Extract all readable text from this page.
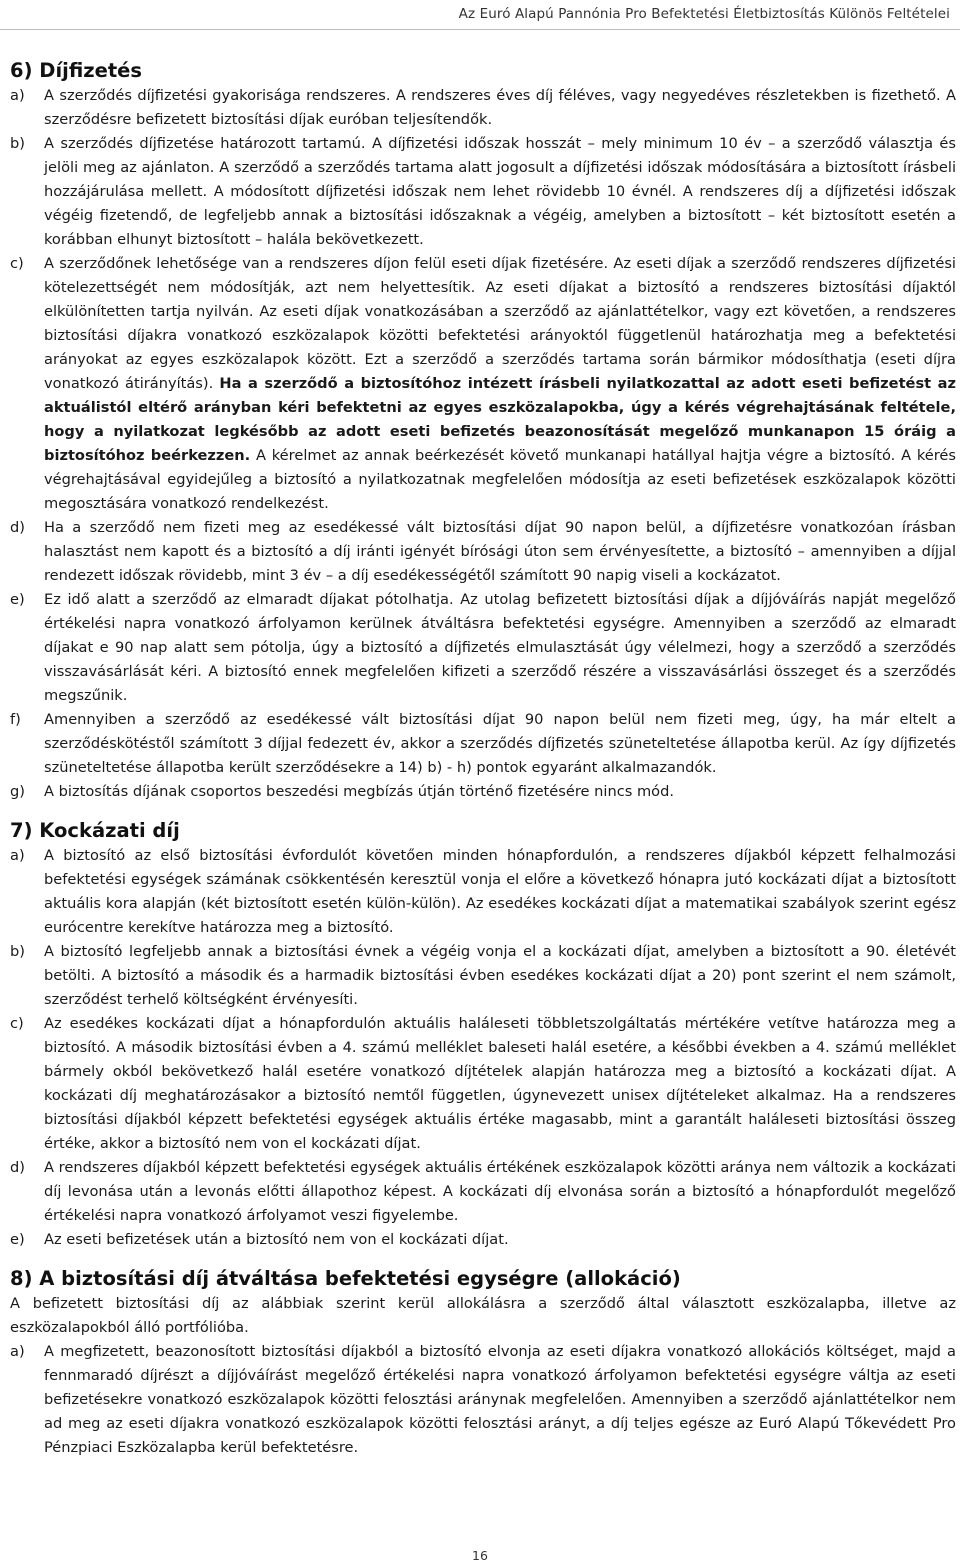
Az Euró Alapú Pannónia Pro Befektetési Életbiztosítás Különös Feltételei
6) Díjfizetés
a)	A szerződés díjfizetési gyakorisága rendszeres. A rendszeres éves díj féléves, vagy negyedéves részletekben is fizethető. A szerződésre befizetett biztosítási díjak euróban teljesítendők.
b)	A szerződés díjfizetése határozott tartamú. A díjfizetési időszak hosszát – mely minimum 10 év – a szerződő választja és jelöli meg az ajánlaton. A szerződő a szerződés tartama alatt jogosult a díjfizetési időszak módosítására a biztosított írásbeli hozzájárulása mellett. A módosított díjfizetési időszak nem lehet rövidebb 10 évnél. A rendszeres díj a díjfizetési időszak végéig fizetendő, de legfeljebb annak a biztosítási időszaknak a végéig, amelyben a biztosított – két biztosított esetén a korábban elhunyt biztosított – halála bekövetkezett.
c)	A szerződőnek lehetősége van a rendszeres díjon felül eseti díjak fizetésére. Az eseti díjak a szerződő rendszeres díjfizetési kötelezettségét nem módosítják, azt nem helyettesítik. Az eseti díjakat a biztosító a rendszeres biztosítási díjaktól elkülönítetten tartja nyilván. Az eseti díjak vonatkozásában a szerződő az ajánlattételkor, vagy ezt követően, a rendszeres biztosítási díjakra vonatkozó eszközalapok közötti befektetési arányoktól függetlenül határozhatja meg a befektetési arányokat az egyes eszközalapok között. Ezt a szerződő a szerződés tartama során bármikor módosíthatja (eseti díjra vonatkozó átirányítás). Ha a szerződő a biztosítóhoz intézett írásbeli nyilatkozattal az adott eseti befizetést az aktuálistól eltérő arányban kéri befektetni az egyes eszközalapokba, úgy a kérés végrehajtásának feltétele, hogy a nyilatkozat legkésőbb az adott eseti befizetés beazonosítását megelőző munkanapon 15 óráig a biztosítóhoz beérkezzen. A kérelmet az annak beérkezését követő munkanapi hatállyal hajtja végre a biztosító. A kérés végrehajtásával egyidejűleg a biztosító a nyilatkozatnak megfelelően módosítja az eseti befizetések eszközalapok közötti megosztására vonatkozó rendelkezést.
d)	Ha a szerződő nem fizeti meg az esedékessé vált biztosítási díjat 90 napon belül, a díjfizetésre vonatkozóan írásban halasztást nem kapott és a biztosító a díj iránti igényét bírósági úton sem érvényesítette, a biztosító – amennyiben a díjjal rendezett időszak rövidebb, mint 3 év – a díj esedékességétől számított 90 napig viseli a kockázatot.
e)	Ez idő alatt a szerződő az elmaradt díjakat pótolhatja. Az utolag befizetett biztosítási díjak a díjjóváírás napját megelőző értékelési napra vonatkozó árfolyamon kerülnek átváltásra befektetési egységre. Amennyiben a szerződő az elmaradt díjakat e 90 nap alatt sem pótolja, úgy a biztosító a díjfizetés elmulasztását úgy vélelmezi, hogy a szerződő a szerződés visszavásárlását kéri. A biztosító ennek megfelelően kifizeti a szerződő részére a visszavásárlási összeget és a szerződés megszűnik.
f)	Amennyiben a szerződő az esedékessé vált biztosítási díjat 90 napon belül nem fizeti meg, úgy, ha már eltelt a szerződéskötéstől számított 3 díjjal fedezett év, akkor a szerződés díjfizetés szüneteltetése állapotba kerül. Az így díjfizetés szüneteltetése állapotba került szerződésekre a 14) b) - h) pontok egyaránt alkalmazandók.
g)	A biztosítás díjának csoportos beszedési megbízás útján történő fizetésére nincs mód.
7) Kockázati díj
a)	A biztosító az első biztosítási évfordulót követően minden hónapfordulón, a rendszeres díjakból képzett felhalmozási befektetési egységek számának csökkentésén keresztül vonja el előre a következő hónapra jutó kockázati díjat a biztosított aktuális kora alapján (két biztosított esetén külön-külön). Az esedékes kockázati díjat a matematikai szabályok szerint egész eurócentre kerekítve határozza meg a biztosító.
b)	A biztosító legfeljebb annak a biztosítási évnek a végéig vonja el a kockázati díjat, amelyben a biztosított a 90. életévét betölti. A biztosító a második és a harmadik biztosítási évben esedékes kockázati díjat a 20) pont szerint el nem számolt, szerződést terhelő költségként érvényesíti.
c)	Az esedékes kockázati díjat a hónapfordulón aktuális haláleseti többletszolgáltatás mértékére vetítve határozza meg a biztosító. A második biztosítási évben a 4. számú melléklet baleseti halál esetére, a későbbi években a 4. számú melléklet bármely okból bekövetkező halál esetére vonatkozó díjtételek alapján határozza meg a biztosító a kockázati díjat. A kockázati díj meghatározásakor a biztosító nemtől független, úgynevezett unisex díjtételeket alkalmaz. Ha a rendszeres biztosítási díjakból képzett befektetési egységek aktuális értéke magasabb, mint a garantált haláleseti biztosítási összeg értéke, akkor a biztosító nem von el kockázati díjat.
d)	A rendszeres díjakból képzett befektetési egységek aktuális értékének eszközalapok közötti aránya nem változik a kockázati díj levonása után a levonás előtti állapothoz képest. A kockázati díj elvonása során a biztosító a hónapfordulót megelőző értékelési napra vonatkozó árfolyamot veszi figyelembe.
e)	Az eseti befizetések után a biztosító nem von el kockázati díjat.
8) A biztosítási díj átváltása befektetési egységre (allokáció)

A befizetett biztosítási díj az alábbiak szerint kerül allokálásra a szerződő által választott eszközalapba, illetve az eszközalapokból álló portfólióba.

a)	A megfizetett, beazonosított biztosítási díjakból a biztosító elvonja az eseti díjakra vonatkozó allokációs költséget, majd a fennmaradó díjrészt a díjjóváírást megelőző értékelési napra vonatkozó árfolyamon befektetési egységre váltja az eseti befizetésekre vonatkozó eszközalapok közötti felosztási aránynak megfelelően. Amennyiben a szerződő ajánlattételkor nem ad meg az eseti díjakra vonatkozó eszközalapok közötti felosztási arányt, a díj teljes egésze az Euró Alapú Tőkevédett Pro Pénzpiaci Eszközalapba kerül befektetésre.
16
